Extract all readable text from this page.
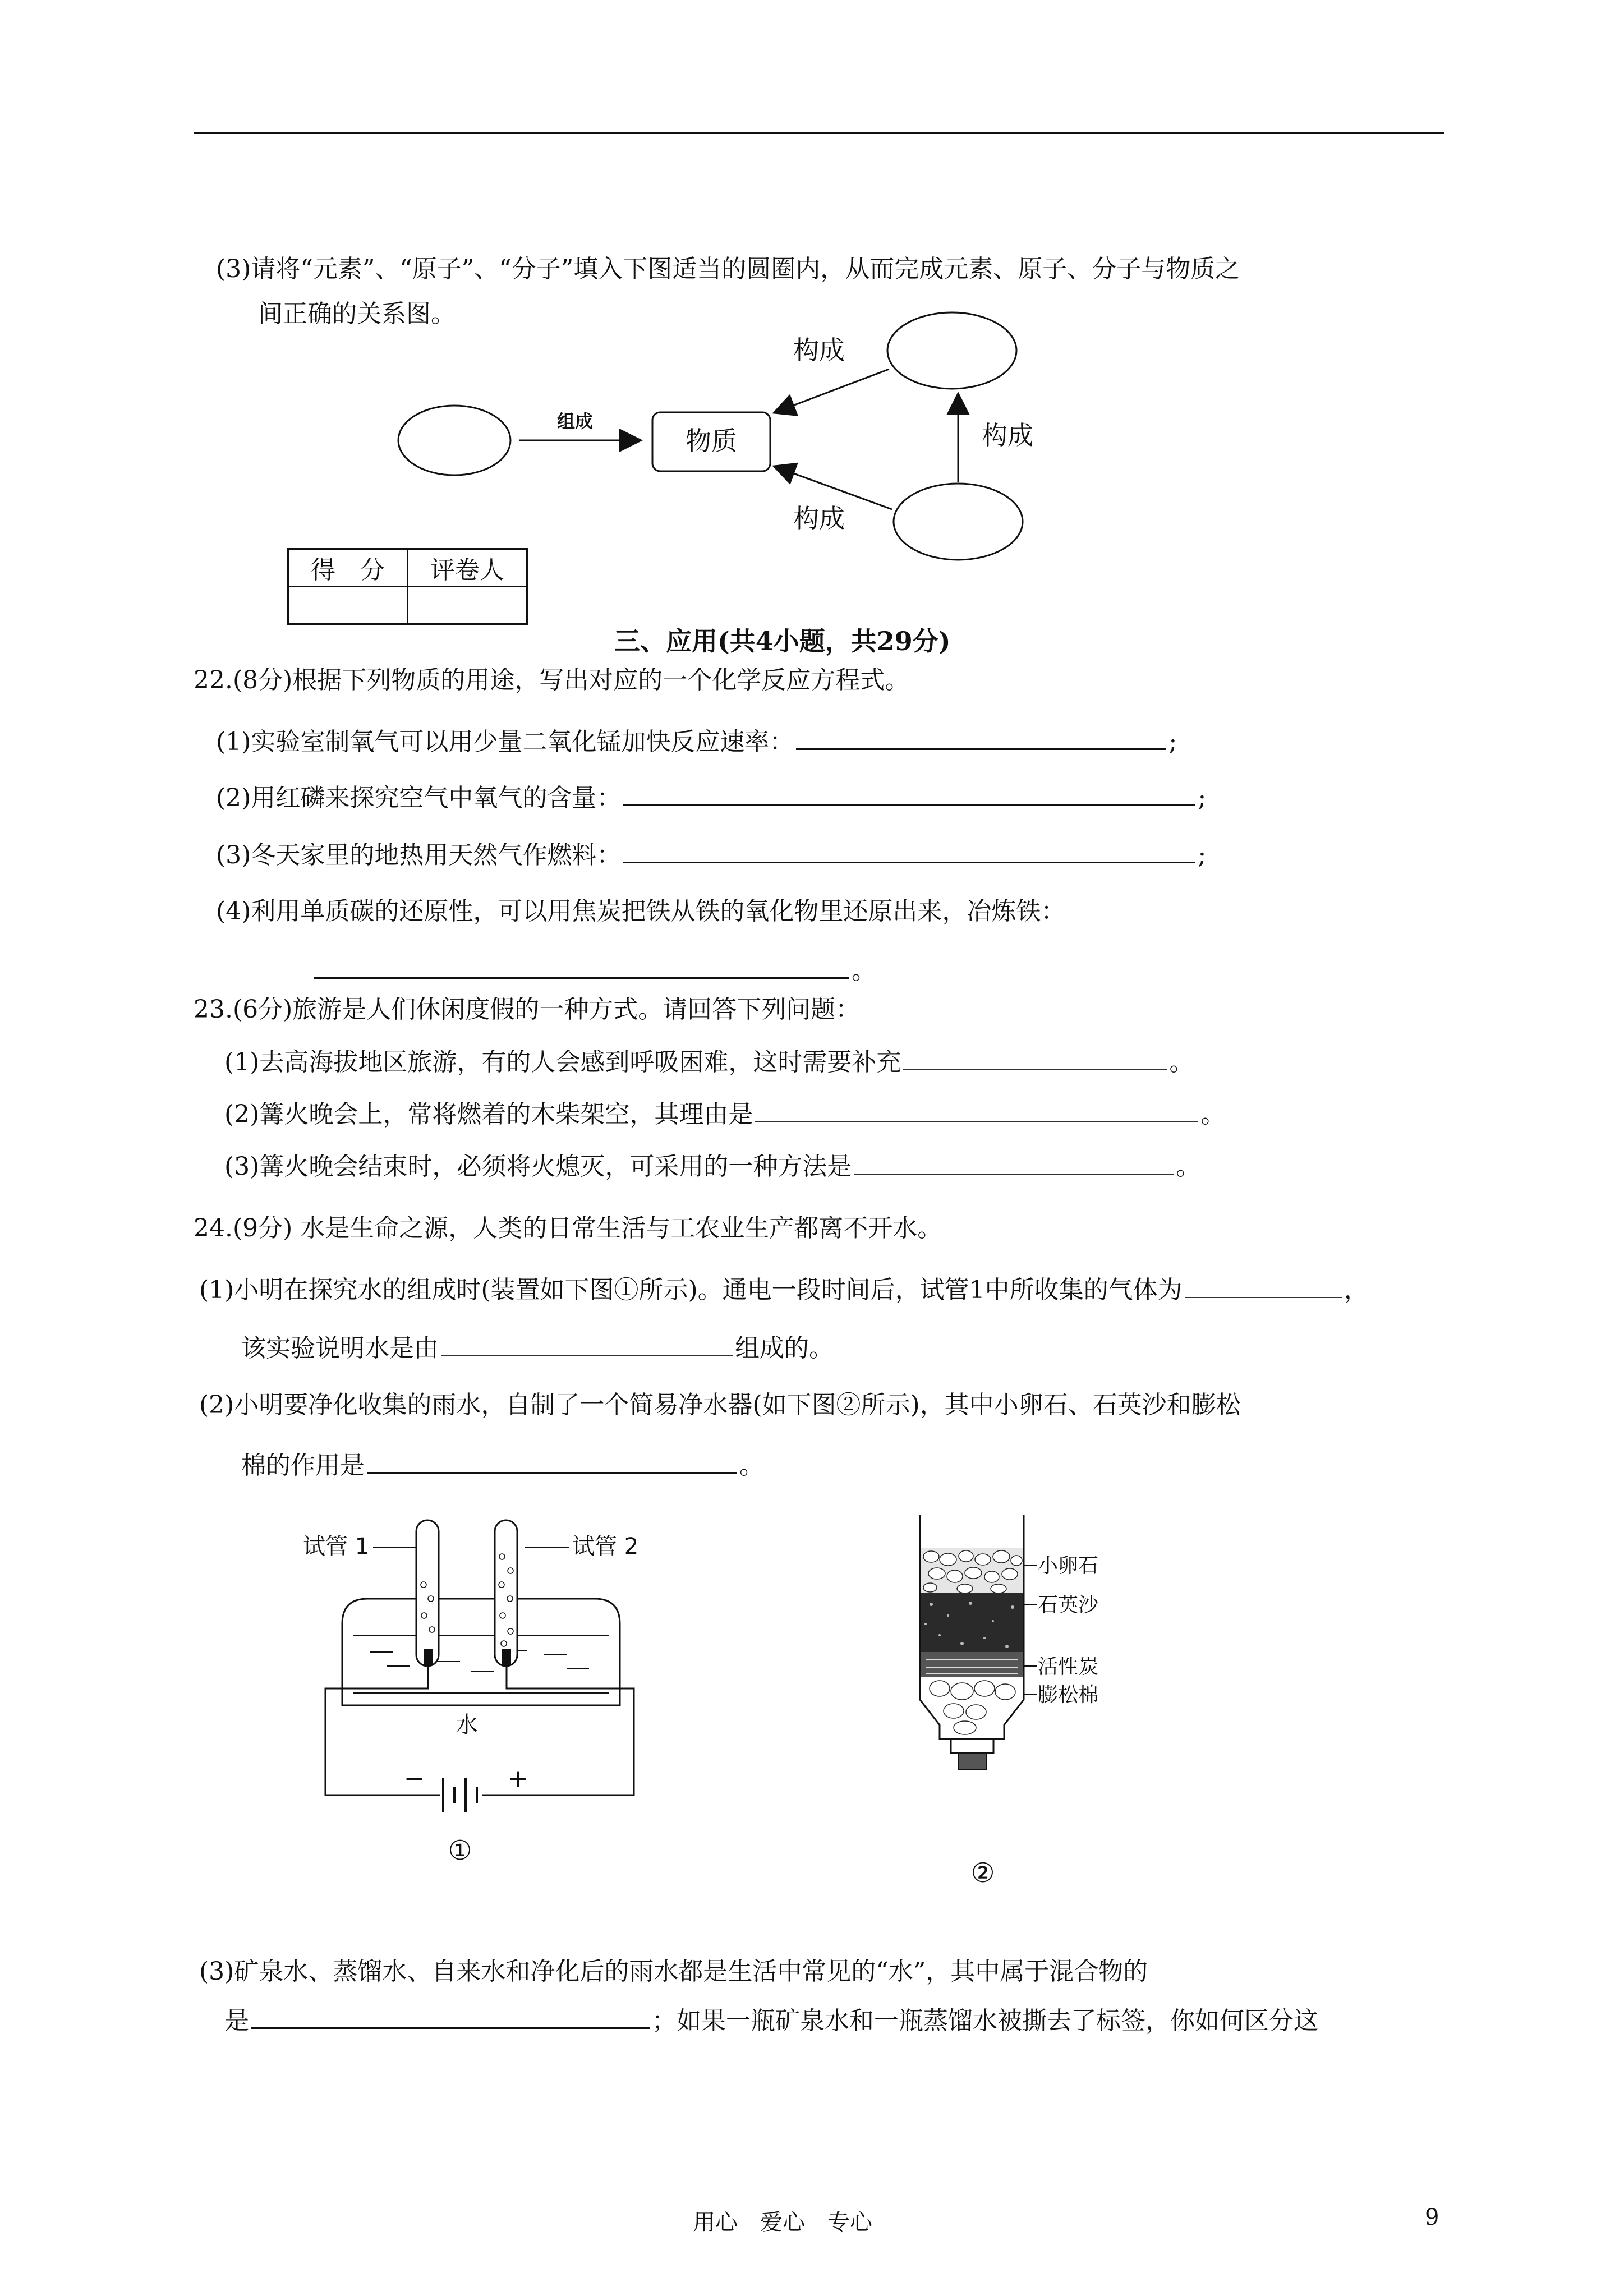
(3)请将“元素”、“原子”、“分子”填入下图适当的圆圈内，从而完成元素、原子、分子与物质之
间正确的关系图。
物质
组成
构成
构成
构成
得　分	评卷人

三、应用(共4小题，共29分)
22.(8分)根据下列物质的用途，写出对应的一个化学反应方程式。
(1)实验室制氧气可以用少量二氧化锰加快反应速率：	;
(2)用红磷来探究空气中氧气的含量：	;
(3)冬天家里的地热用天然气作燃料：	;
(4)利用单质碳的还原性，可以用焦炭把铁从铁的氧化物里还原出来，冶炼铁：
。
23.(6分)旅游是人们休闲度假的一种方式。请回答下列问题：
(1)去高海拔地区旅游，有的人会感到呼吸困难，这时需要补充	。
(2)篝火晚会上，常将燃着的木柴架空，其理由是	。
(3)篝火晚会结束时，必须将火熄灭，可采用的一种方法是	。
24.(9分) 水是生命之源，人类的日常生活与工农业生产都离不开水。
(1)小明在探究水的组成时(装置如下图①所示)。通电一段时间后，试管1中所收集的气体为	，
该实验说明水是由	组成的。
(2)小明要净化收集的雨水，自制了一个简易净水器(如下图②所示)，其中小卵石、石英沙和膨松
棉的作用是	。
试管 1	试管 2
水
−	+
①
小卵石
石英沙
活性炭
膨松棉
②
(3)矿泉水、蒸馏水、自来水和净化后的雨水都是生活中常见的“水”，其中属于混合物的
是	；如果一瓶矿泉水和一瓶蒸馏水被撕去了标签，你如何区分这
用心　爱心　专心	9
